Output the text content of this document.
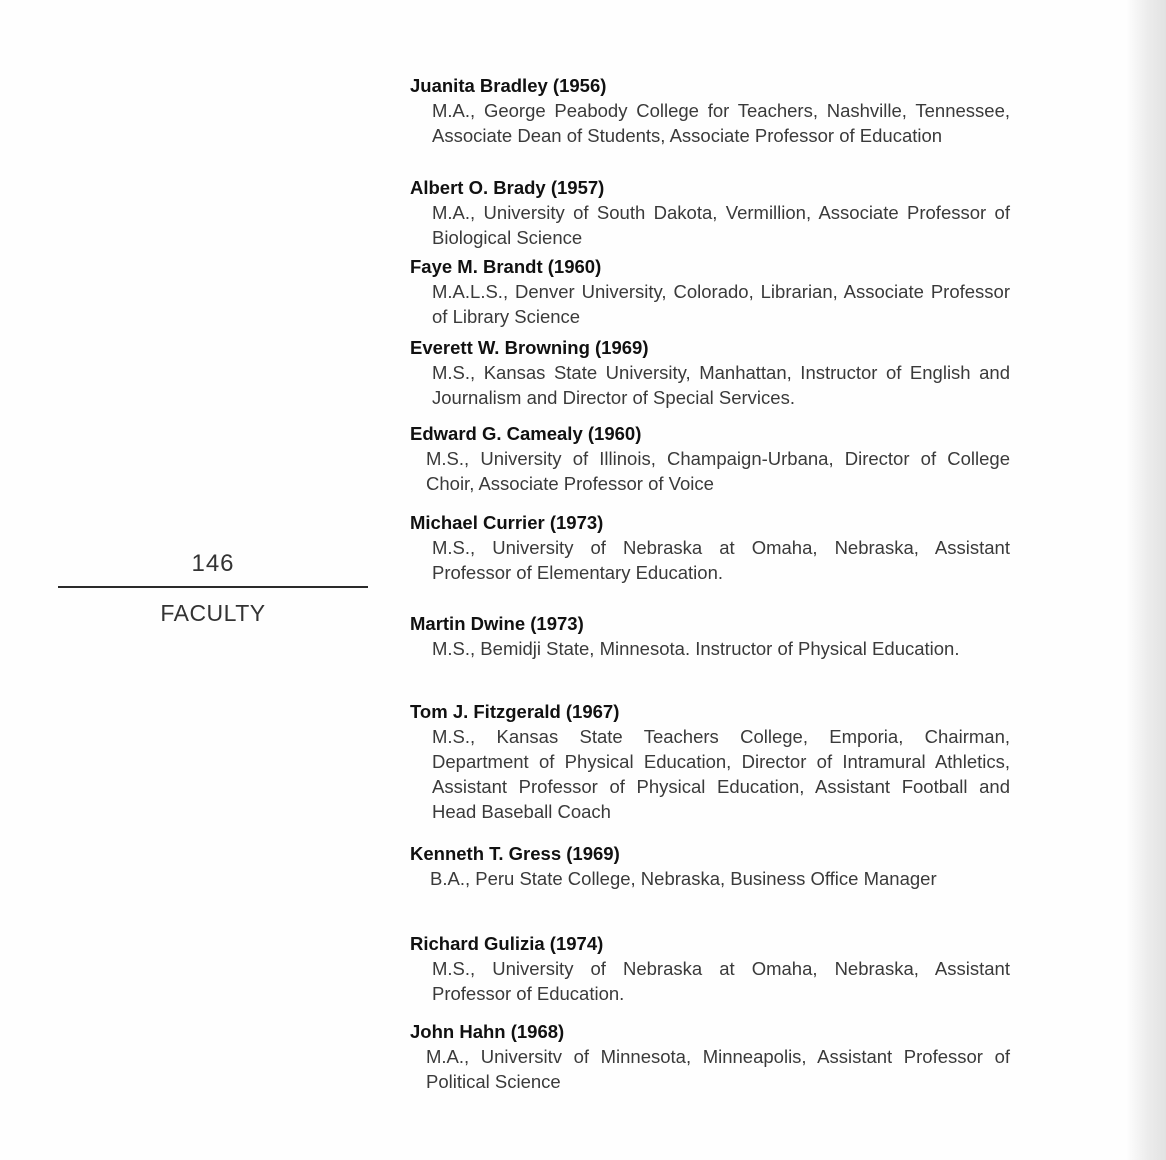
146
FACULTY
Juanita Bradley (1956)
M.A., George Peabody College for Teachers, Nashville, Tennessee, Associate Dean of Students, Associate Professor of Education
Albert O. Brady (1957)
M.A., University of South Dakota, Vermillion, Associate Professor of Biological Science
Faye M. Brandt (1960)
M.A.L.S., Denver University, Colorado, Librarian, Associate Professor of Library Science
Everett W. Browning (1969)
M.S., Kansas State University, Manhattan, Instructor of English and Journalism and Director of Special Services.
Edward G. Camealy (1960)
M.S., University of Illinois, Champaign-Urbana, Director of College Choir, Associate Professor of Voice
Michael Currier (1973)
M.S., University of Nebraska at Omaha, Nebraska, Assistant Professor of Elementary Education.
Martin Dwine (1973)
M.S., Bemidji State, Minnesota. Instructor of Physical Education.
Tom J. Fitzgerald (1967)
M.S., Kansas State Teachers College, Emporia, Chairman, Department of Physical Education, Director of Intramural Athletics, Assistant Professor of Physical Education, Assistant Football and Head Baseball Coach
Kenneth T. Gress (1969)
B.A., Peru State College, Nebraska, Business Office Manager
Richard Gulizia (1974)
M.S., University of Nebraska at Omaha, Nebraska, Assistant Professor of Education.
John Hahn (1968)
M.A., Universitv of Minnesota, Minneapolis, Assistant Professor of Political Science
